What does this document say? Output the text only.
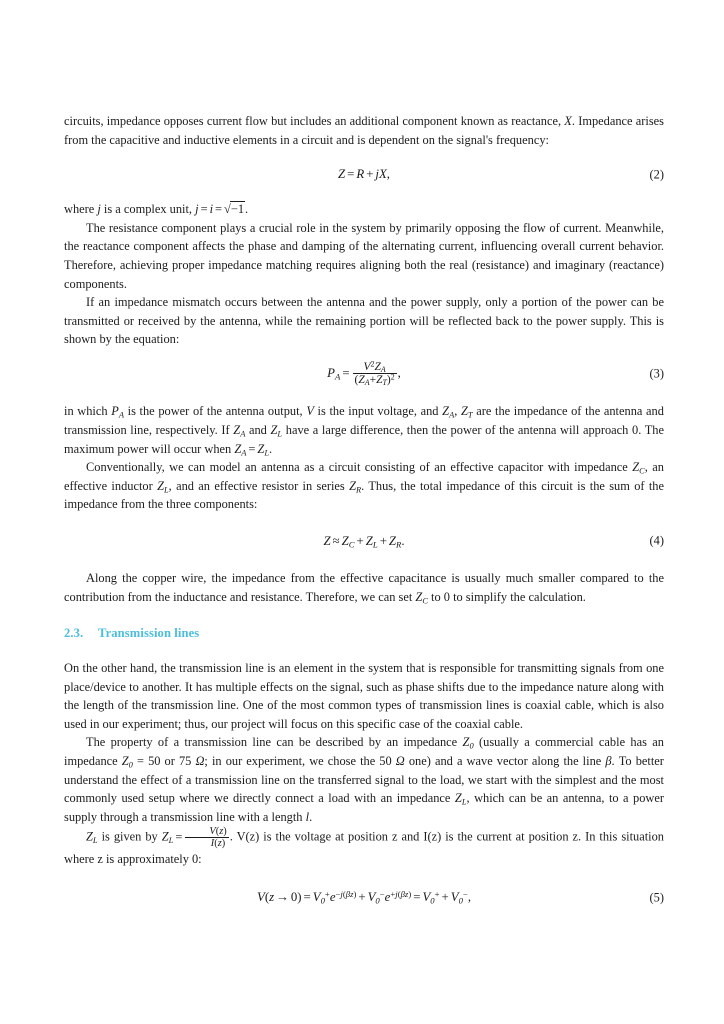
circuits, impedance opposes current flow but includes an additional component known as reactance, X. Impedance arises from the capacitive and inductive elements in a circuit and is dependent on the signal's frequency:

Z = R + jX,	(2)

where j is a complex unit, j = i = √−1.

The resistance component plays a crucial role in the system by primarily opposing the flow of current. Meanwhile, the reactance component affects the phase and damping of the alternating current, influencing overall current behavior. Therefore, achieving proper impedance matching requires aligning both the real (resistance) and imaginary (reactance) components.

If an impedance mismatch occurs between the antenna and the power supply, only a portion of the power can be transmitted or received by the antenna, while the remaining portion will be reflected back to the power supply. This is shown by the equation:

$P_A = \frac{V^2Z_A}{(Z_A+Z_T)^2}$ ,	(3)

in which $P_A$ is the power of the antenna output, V is the input voltage, and $Z_A$, $Z_T$ are the impedance of the antenna and transmission line, respectively. If $Z_A$ and $Z_L$ have a large difference, then the power of the antenna will approach 0. The maximum power will occur when $Z_A = Z_L$.

Conventionally, we can model an antenna as a circuit consisting of an effective capacitor with impedance $Z_C$, an effective inductor $Z_L$, and an effective resistor in series $Z_R$. Thus, the total impedance of this circuit is the sum of the impedance from the three components:

$Z \approx Z_C + Z_L + Z_R$.	(4)

Along the copper wire, the impedance from the effective capacitance is usually much smaller compared to the contribution from the inductance and resistance. Therefore, we can set $Z_C$ to 0 to simplify the calculation.

2.3. Transmission lines

On the other hand, the transmission line is an element in the system that is responsible for transmitting signals from one place/device to another. It has multiple effects on the signal, such as phase shifts due to the impedance nature along with the length of the transmission line. One of the most common types of transmission lines is coaxial cable, which is also used in our experiment; thus, our project will focus on this specific case of the coaxial cable.

The property of a transmission line can be described by an impedance $Z_0$ (usually a commercial cable has an impedance $Z_0 = 50$ or 75 Ω; in our experiment, we chose the 50 Ω one) and a wave vector along the line β. To better understand the effect of a transmission line on the transferred signal to the load, we start with the simplest and the most commonly used setup where we directly connect a load with an impedance $Z_L$, which can be an antenna, to a power supply through a transmission line with a length l.

$Z_L$ is given by $Z_L = \frac{V(z)}{I(z)}$ . V(z) is the voltage at position z and I(z) is the current at position z. In this situation where z is approximately 0:

$V(z \to 0) = V_0^+e^{-j(\beta z)} + V_0^-e^{+j(\beta z)} = V_0^+ + V_0^-$,	(5)
